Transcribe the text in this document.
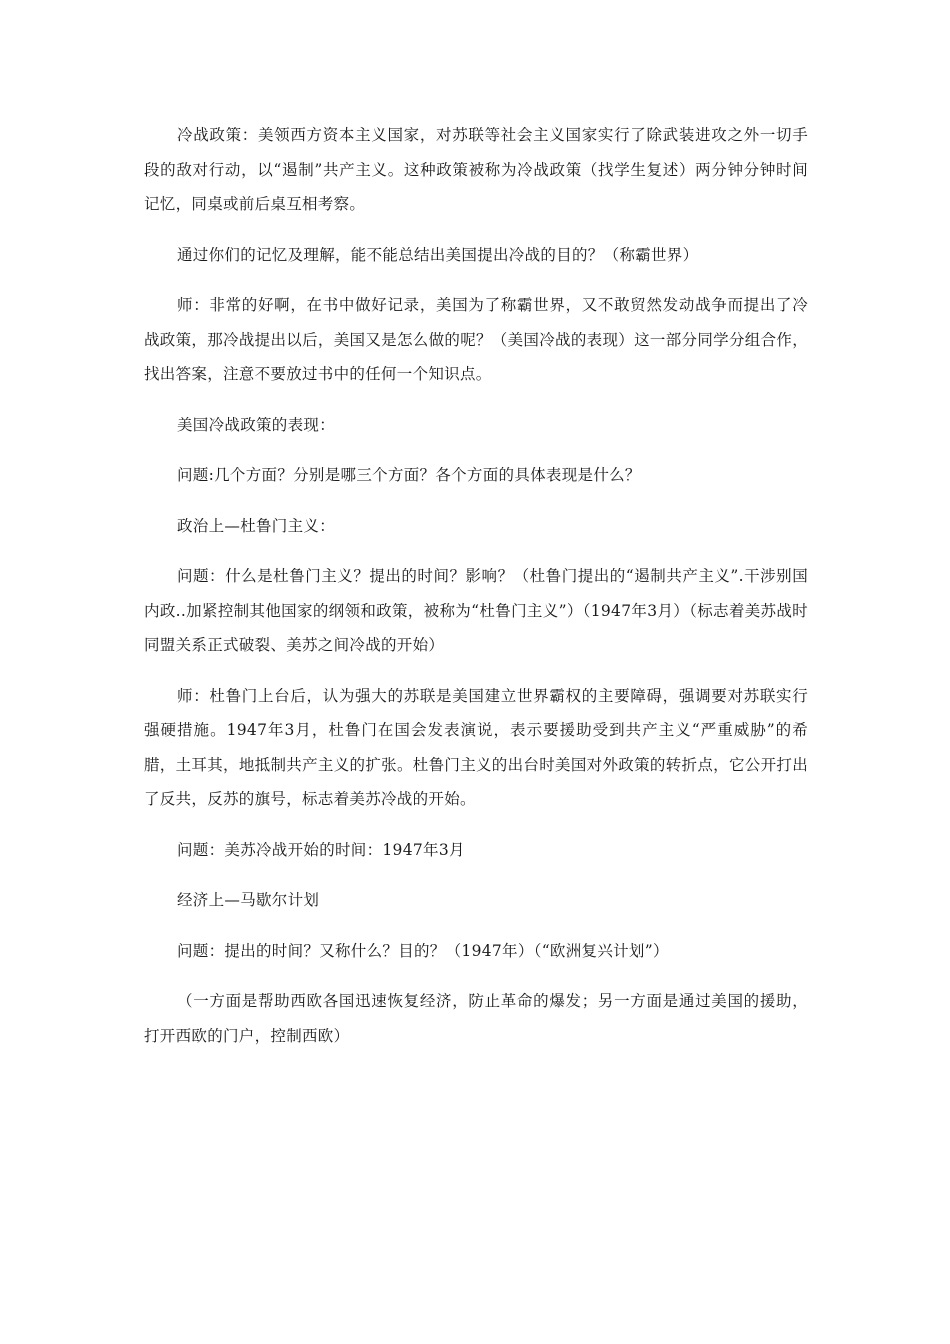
冷战政策：美领西方资本主义国家，对苏联等社会主义国家实行了除武装进攻之外一切手段的敌对行动，以“遏制”共产主义。这种政策被称为冷战政策（找学生复述）两分钟分钟时间记忆，同桌或前后桌互相考察。

通过你们的记忆及理解，能不能总结出美国提出冷战的目的？（称霸世界）

师：非常的好啊，在书中做好记录，美国为了称霸世界，又不敢贸然发动战争而提出了冷战政策，那冷战提出以后，美国又是怎么做的呢？（美国冷战的表现）这一部分同学分组合作，找出答案，注意不要放过书中的任何一个知识点。

美国冷战政策的表现：

问题:几个方面？分别是哪三个方面？各个方面的具体表现是什么？

政治上—杜鲁门主义：

问题：什么是杜鲁门主义？提出的时间？影响？（杜鲁门提出的“遏制共产主义”.干涉别国内政..加紧控制其他国家的纲领和政策，被称为“杜鲁门主义”）（1947年3月）（标志着美苏战时同盟关系正式破裂、美苏之间冷战的开始）

师：杜鲁门上台后，认为强大的苏联是美国建立世界霸权的主要障碍，强调要对苏联实行强硬措施。1947年3月，杜鲁门在国会发表演说，表示要援助受到共产主义“严重威胁”的希腊，土耳其，地抵制共产主义的扩张。杜鲁门主义的出台时美国对外政策的转折点，它公开打出了反共，反苏的旗号，标志着美苏冷战的开始。

问题：美苏冷战开始的时间：1947年3月

经济上—马歇尔计划

问题：提出的时间？又称什么？目的？（1947年）（“欧洲复兴计划”）

（一方面是帮助西欧各国迅速恢复经济，防止革命的爆发；另一方面是通过美国的援助，打开西欧的门户，控制西欧）
